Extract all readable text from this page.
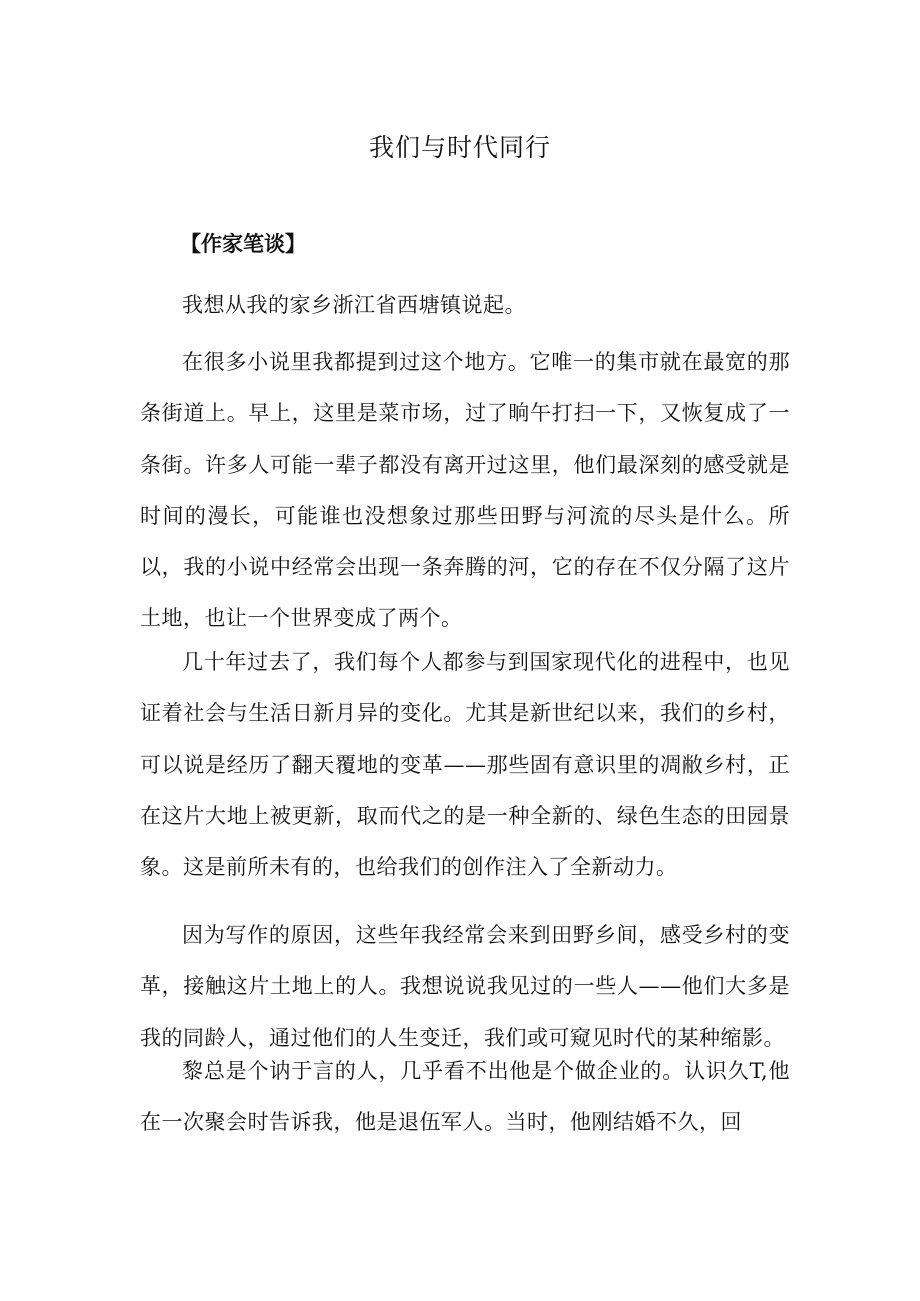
我们与时代同行

【作家笔谈】

我想从我的家乡浙江省西塘镇说起。

在很多小说里我都提到过这个地方。它唯一的集市就在最宽的那条街道上。早上，这里是菜市场，过了晌午打扫一下，又恢复成了一条街。许多人可能一辈子都没有离开过这里，他们最深刻的感受就是时间的漫长，可能谁也没想象过那些田野与河流的尽头是什么。所以，我的小说中经常会出现一条奔腾的河，它的存在不仅分隔了这片土地，也让一个世界变成了两个。

几十年过去了，我们每个人都参与到国家现代化的进程中，也见证着社会与生活日新月异的变化。尤其是新世纪以来，我们的乡村，可以说是经历了翻天覆地的变革——那些固有意识里的凋敝乡村，正在这片大地上被更新，取而代之的是一种全新的、绿色生态的田园景象。这是前所未有的，也给我们的创作注入了全新动力。

因为写作的原因，这些年我经常会来到田野乡间，感受乡村的变革，接触这片土地上的人。我想说说我见过的一些人——他们大多是我的同龄人，通过他们的人生变迁，我们或可窥见时代的某种缩影。

黎总是个讷于言的人，几乎看不出他是个做企业的。认识久T,他在一次聚会时告诉我，他是退伍军人。当时，他刚结婚不久，回
